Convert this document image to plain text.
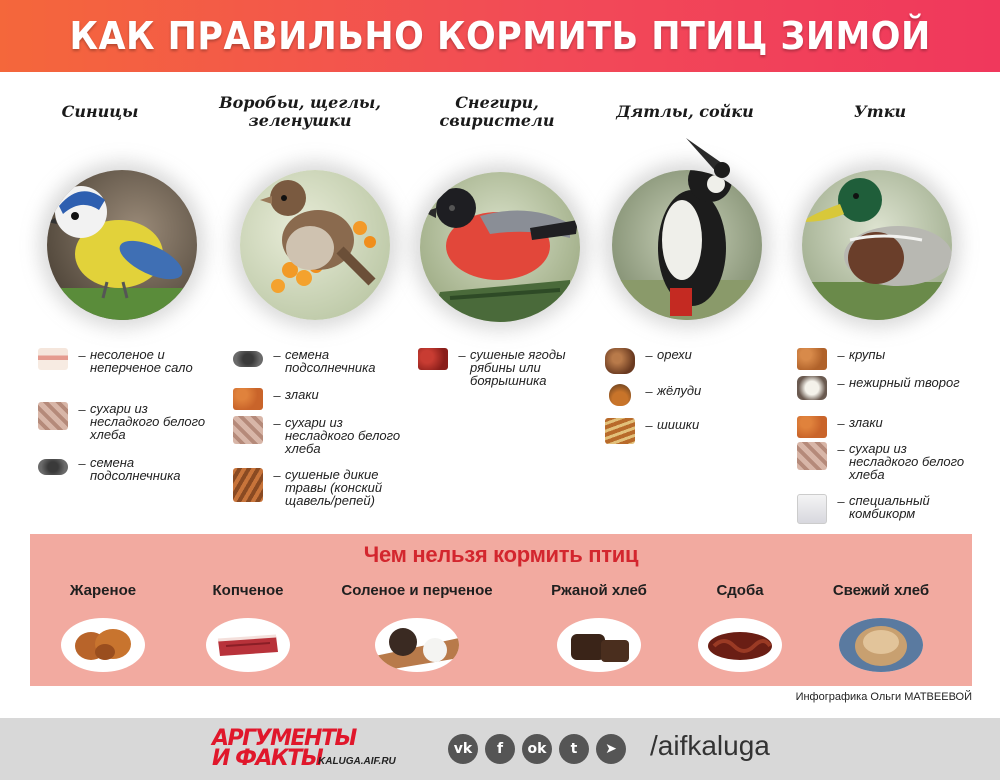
КАК ПРАВИЛЬНО КОРМИТЬ ПТИЦ ЗИМОЙ
Синицы
– несоленое и неперченое сало
– сухари из несладкого белого хлеба
– семена подсолнечника
Воробьи, щеглы, зеленушки
– семена подсолнечника
– злаки
– сухари из несладкого белого хлеба
– сушеные дикие травы (конский щавель/репей)
Снегири, свиристели
– сушеные ягоды рябины или боярышника
Дятлы, сойки
– орехи
– жёлуди
– шишки
Утки
– крупы
– нежирный творог
– злаки
– сухари из несладкого белого хлеба
– специальный комбикорм
Чем нельзя кормить птиц
Жареное	Копченое	Соленое и перченое	Ржаной хлеб	Сдоба	Свежий хлеб
Инфографика Ольги МАТВЕЕВОЙ
АРГУМЕНТЫ
И ФАКТЫ
KALUGA.AIF.RU
vk	f	ok	t	➤	/aifkaluga
